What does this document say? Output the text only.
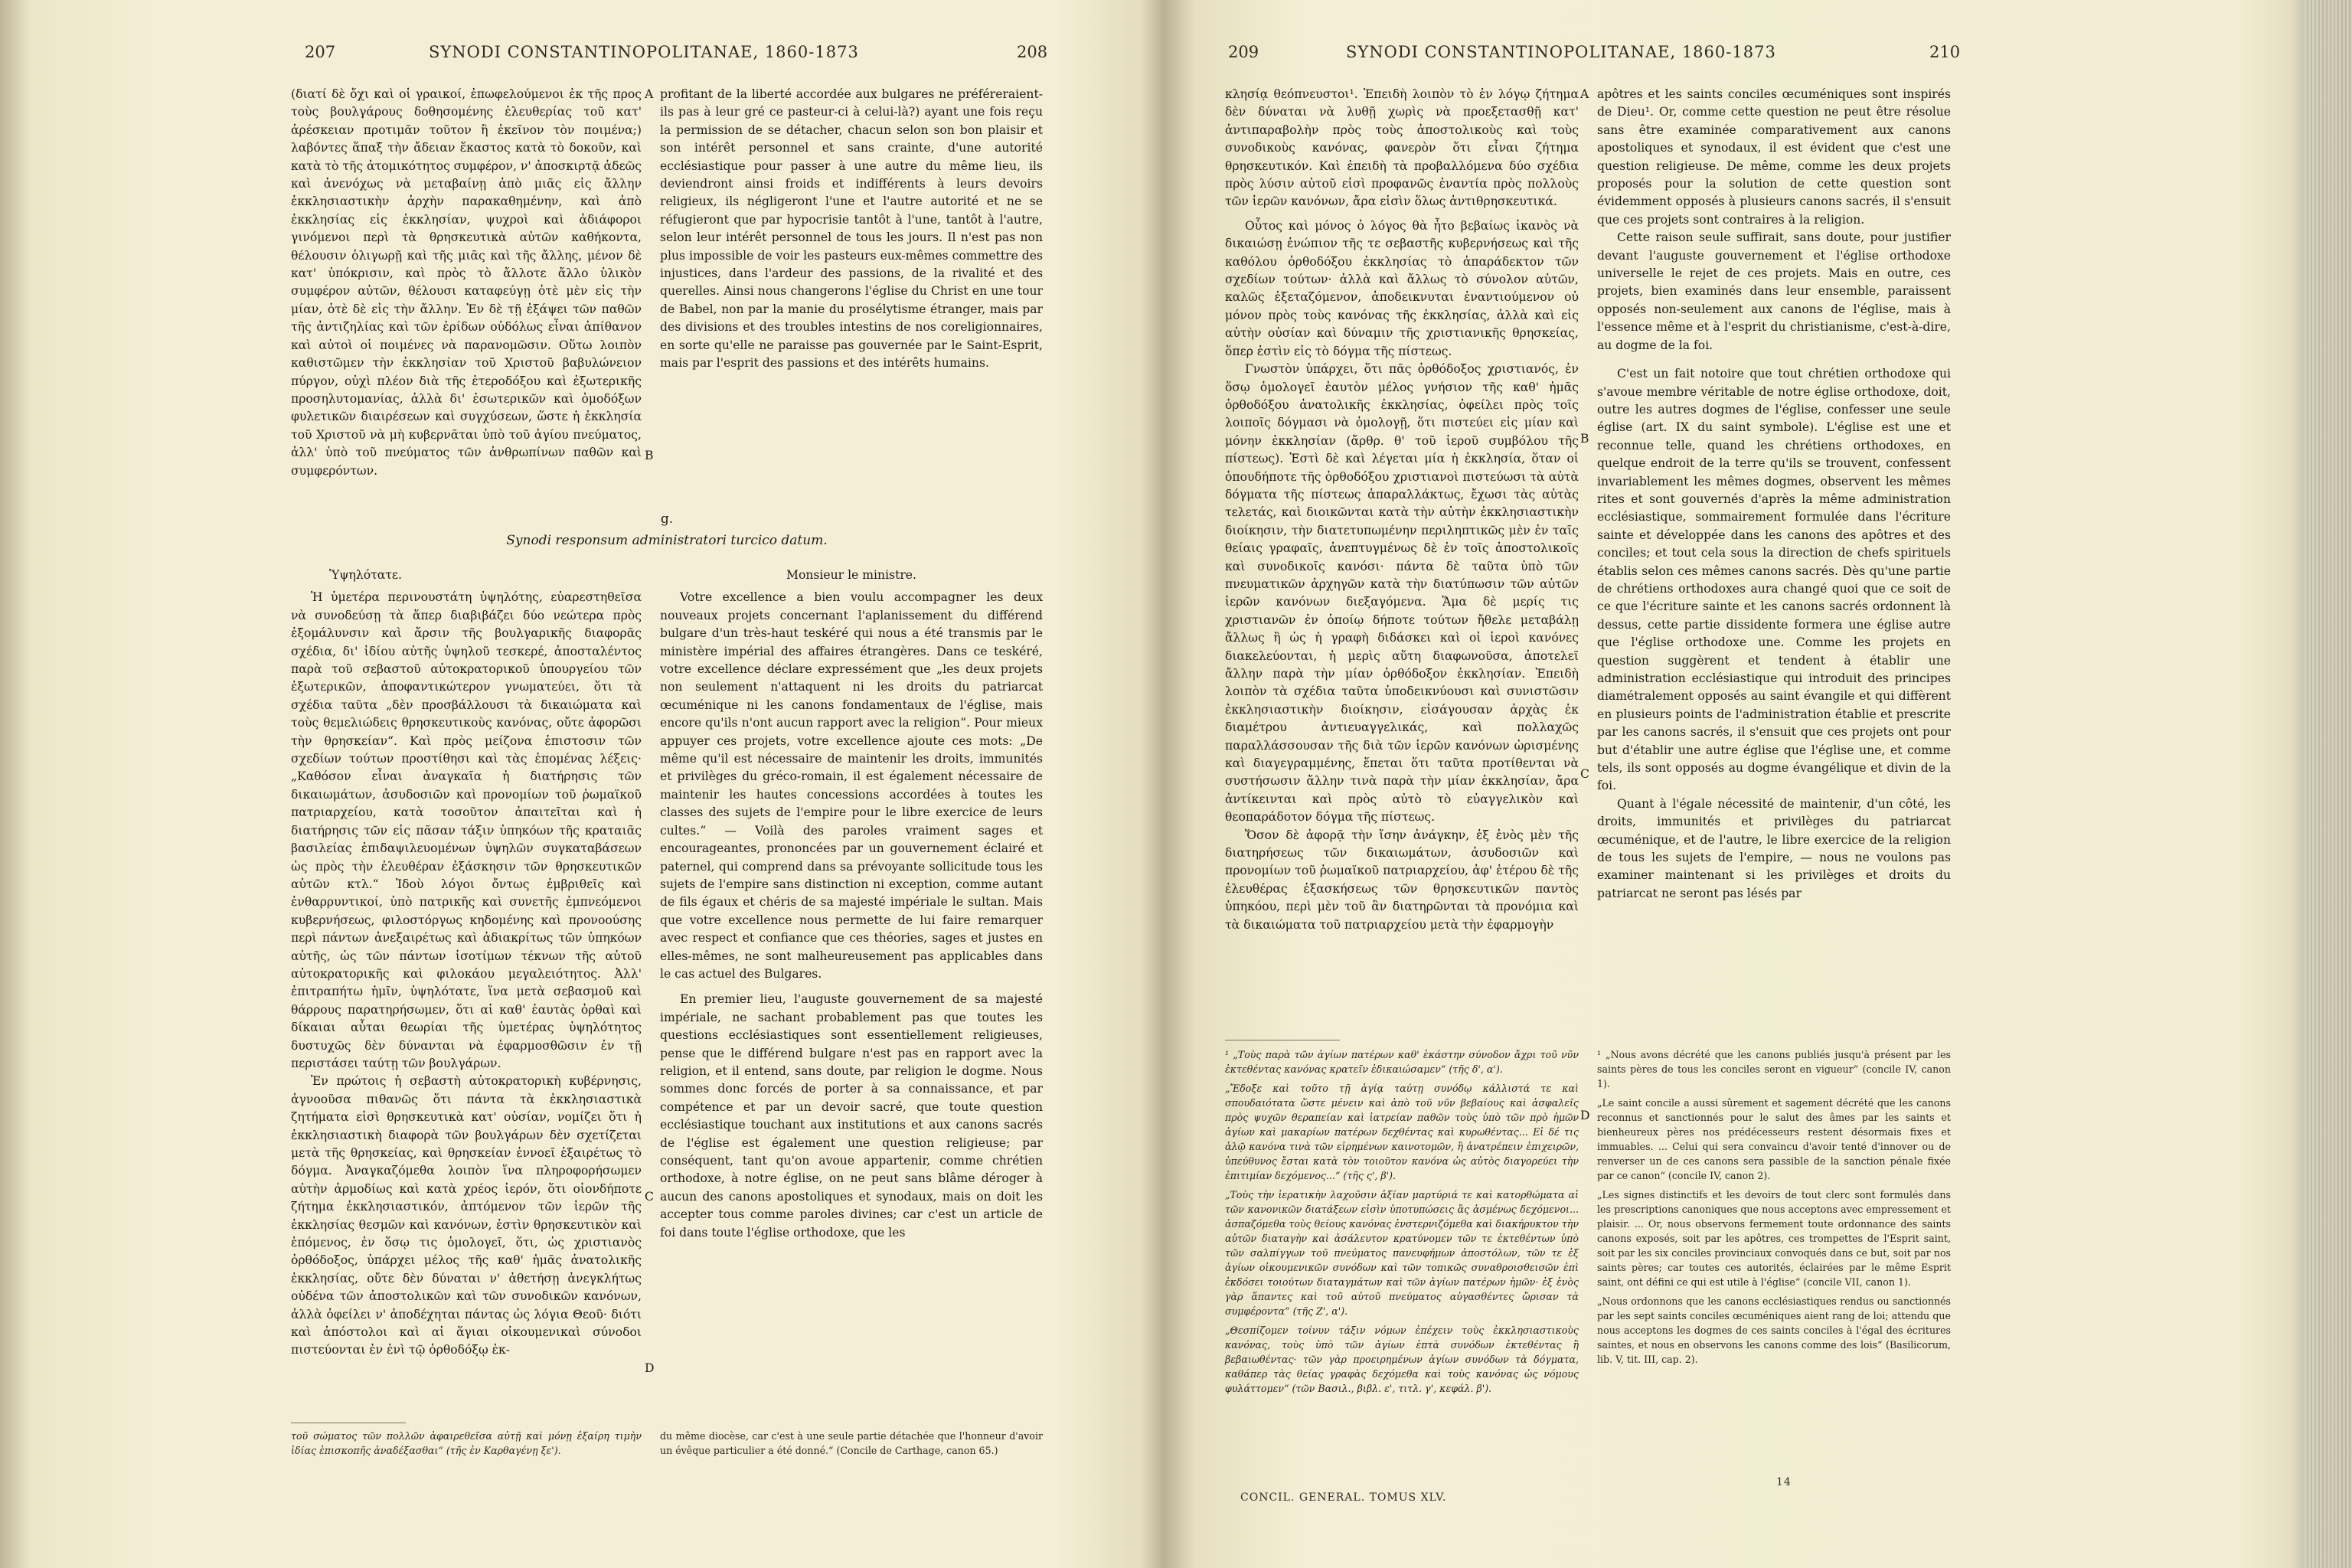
207	SYNODI CONSTANTINOPOLITANAE, 1860-1873	208

(διατί δὲ ὄχι καὶ οἱ γραικοί, ἐπωφελούμενοι ἐκ τῆς προς τοὺς βουλγάρους δοθησομένης ἐλευθερίας τοῦ κατ' ἀρέσκειαν προτιμᾶν τοῦτον ἢ ἐκεῖνον τὸν ποιμένα;) λαβόντες ἅπαξ τὴν ἄδειαν ἕκαστος κατὰ τὸ δοκοῦν, καὶ κατὰ τὸ τῆς ἀτομικότητος συμφέρον, ν' ἀποσκιρτᾷ ἀδεῶς καὶ ἀνενόχως νὰ μεταβαίνῃ ἀπὸ μιᾶς εἰς ἄλλην ἐκκλησιαστικὴν ἀρχὴν παρακαθημένην, καὶ ἀπὸ ἐκκλησίας εἰς ἐκκλησίαν, ψυχροὶ καὶ ἀδιάφοροι γινόμενοι περὶ τὰ θρησκευτικὰ αὐτῶν καθήκοντα, θέλουσιν ὁλιγωρῇ καὶ τῆς μιᾶς καὶ τῆς ἄλλης, μένον δὲ κατ' ὑπόκρισιν, καὶ πρὸς τὸ ἄλλοτε ἄλλο ὑλικὸν συμφέρον αὐτῶν, θέλουσι καταφεύγῃ ὁτὲ μὲν εἰς τὴν μίαν, ὁτὲ δὲ εἰς τὴν ἄλλην. Ἐν δὲ τῇ ἐξάψει τῶν παθῶν τῆς ἀντιζηλίας καὶ τῶν ἐρίδων οὐδόλως εἶναι ἀπίθανον καὶ αὐτοὶ οἱ ποιμένες νὰ παρανομῶσιν. Οὕτω λοιπὸν καθιστῶμεν τὴν ἐκκλησίαν τοῦ Χριστοῦ βαβυλώνειον πύργον, οὐχὶ πλέον διὰ τῆς ἑτεροδόξου καὶ ἐξωτερικῆς προσηλυτομανίας, ἀλλὰ δι' ἐσωτερικῶν καὶ ὁμοδόξων φυλετικῶν διαιρέσεων καὶ συγχύσεων, ὥστε ἡ ἐκκλησία τοῦ Χριστοῦ νὰ μὴ κυβερνᾶται ὑπὸ τοῦ ἁγίου πνεύματος, ἀλλ' ὑπὸ τοῦ πνεύματος τῶν ἀνθρωπίνων παθῶν καὶ συμφερόντων.

A
B

profitant de la liberté accordée aux bulgares ne préféreraient-ils pas à leur gré ce pasteur-ci à celui-là?) ayant une fois reçu la permission de se détacher, chacun selon son bon plaisir et son intérêt personnel et sans crainte, d'une autorité ecclésiastique pour passer à une autre du même lieu, ils deviendront ainsi froids et indifférents à leurs devoirs religieux, ils négligeront l'une et l'autre autorité et ne se réfugieront que par hypocrisie tantôt à l'une, tantôt à l'autre, selon leur intérêt personnel de tous les jours. Il n'est pas non plus impossible de voir les pasteurs eux-mêmes commettre des injustices, dans l'ardeur des passions, de la rivalité et des querelles. Ainsi nous changerons l'église du Christ en une tour de Babel, non par la manie du prosélytisme étranger, mais par des divisions et des troubles intestins de nos coreligionnaires, en sorte qu'elle ne paraisse pas gouvernée par le Saint-Esprit, mais par l'esprit des passions et des intérêts humains.

g.
Synodi responsum administratori turcico datum.

Ὑψηλότατε.

Ἡ ὑμετέρα περινουστάτη ὑψηλότης, εὐαρεστηθεῖσα νὰ συνοδεύσῃ τὰ ἅπερ διαβιβάζει δύο νεώτερα πρὸς ἐξομάλυνσιν καὶ ἄρσιν τῆς βουλγαρικῆς διαφορᾶς σχέδια, δι' ἰδίου αὐτῆς ὑψηλοῦ τεσκερέ, ἀποσταλέντος παρὰ τοῦ σεβαστοῦ αὐτοκρατορικοῦ ὑπουργείου τῶν ἐξωτερικῶν, ἀποφαντικώτερον γνωματεύει, ὅτι τὰ σχέδια ταῦτα „δὲν προσβάλλουσι τὰ δικαιώματα καὶ τοὺς θεμελιώδεις θρησκευτικοὺς κανόνας, οὔτε ἀφορῶσι τὴν θρησκείαν“. Καὶ πρὸς μείζονα ἐπιστοσιν τῶν σχεδίων τούτων προστίθησι καὶ τὰς ἑπομένας λέξεις· „Καθόσον εἶναι ἀναγκαῖα ἡ διατήρησις τῶν δικαιωμάτων, ἀσυδοσιῶν καὶ προνομίων τοῦ ῥωμαϊκοῦ πατριαρχείου, κατὰ τοσοῦτον ἀπαιτεῖται καὶ ἡ διατήρησις τῶν εἰς πᾶσαν τάξιν ὑπηκόων τῆς κραταιᾶς βασιλείας ἐπιδαψιλευομένων ὑψηλῶν συγκαταβάσεων ὡς πρὸς τὴν ἐλευθέραν ἐξάσκησιν τῶν θρησκευτικῶν αὐτῶν κτλ.“ Ἰδοὺ λόγοι ὄντως ἐμβριθεῖς καὶ ἐνθαρρυντικοί, ὑπὸ πατρικῆς καὶ συνετῆς ἐμπνεόμενοι κυβερνήσεως, φιλοστόργως κηδομένης καὶ προνοούσης περὶ πάντων ἀνεξαιρέτως καὶ ἀδιακρίτως τῶν ὑπηκόων αὐτῆς, ὡς τῶν πάντων ἰσοτίμων τέκνων τῆς αὐτοῦ αὐτοκρατορικῆς καὶ φιλοκάου μεγαλειότητος. Ἀλλ' ἐπιτραπήτω ἡμῖν, ὑψηλότατε, ἵνα μετὰ σεβασμοῦ καὶ θάρρους παρατηρήσωμεν, ὅτι αἱ καθ' ἑαυτὰς ὀρθαὶ καὶ δίκαιαι αὗται θεωρίαι τῆς ὑμετέρας ὑψηλότητος δυστυχῶς δὲν δύνανται νὰ ἐφαρμοσθῶσιν ἐν τῇ περιστάσει ταύτῃ τῶν βουλγάρων.

Ἐν πρώτοις ἡ σεβαστὴ αὐτοκρατορικὴ κυβέρνησις, ἀγνοοῦσα πιθανῶς ὅτι πάντα τὰ ἐκκλησιαστικὰ ζητήματα εἰσὶ θρησκευτικὰ κατ' οὐσίαν, νομίζει ὅτι ἡ ἐκκλησιαστικὴ διαφορὰ τῶν βουλγάρων δὲν σχετίζεται μετὰ τῆς θρησκείας, καὶ θρησκείαν ἐννοεῖ ἐξαιρέτως τὸ δόγμα. Ἀναγκαζόμεθα λοιπὸν ἵνα πληροφορήσωμεν αὐτὴν ἁρμοδίως καὶ κατὰ χρέος ἱερόν, ὅτι οἱονδήποτε ζήτημα ἐκκλησιαστικόν, ἀπτόμενον τῶν ἱερῶν τῆς ἐκκλησίας θεσμῶν καὶ κανόνων, ἐστὶν θρησκευτικὸν καὶ ἑπόμενος, ἐν ὅσῳ τις ὁμολογεῖ, ὅτι, ὡς χριστιανὸς ὀρθόδοξος, ὑπάρχει μέλος τῆς καθ' ἡμᾶς ἀνατολικῆς ἐκκλησίας, οὔτε δὲν δύναται ν' ἀθετήσῃ ἀνεγκλήτως οὐδένα τῶν ἀποστολικῶν καὶ τῶν συνοδικῶν κανόνων, ἀλλὰ ὀφείλει ν' ἀποδέχηται πάντας ὡς λόγια Θεοῦ· διότι καὶ ἀπόστολοι καὶ αἱ ἅγιαι οἰκουμενικαὶ σύνοδοι πιστεύονται ἐν ἑνὶ τῷ ὀρθοδόξῳ ἐκ-

C
D

Monsieur le ministre.

Votre excellence a bien voulu accompagner les deux nouveaux projets concernant l'aplanissement du différend bulgare d'un très-haut teskéré qui nous a été transmis par le ministère impérial des affaires étrangères. Dans ce teskéré, votre excellence déclare expressément que „les deux projets non seulement n'attaquent ni les droits du patriarcat œcuménique ni les canons fondamentaux de l'église, mais encore qu'ils n'ont aucun rapport avec la religion“. Pour mieux appuyer ces projets, votre excellence ajoute ces mots: „De même qu'il est nécessaire de maintenir les droits, immunités et privilèges du gréco-romain, il est également nécessaire de maintenir les hautes concessions accordées à toutes les classes des sujets de l'empire pour le libre exercice de leurs cultes.“ — Voilà des paroles vraiment sages et encourageantes, prononcées par un gouvernement éclairé et paternel, qui comprend dans sa prévoyante sollicitude tous les sujets de l'empire sans distinction ni exception, comme autant de fils égaux et chéris de sa majesté impériale le sultan. Mais que votre excellence nous permette de lui faire remarquer avec respect et confiance que ces théories, sages et justes en elles-mêmes, ne sont malheureusement pas applicables dans le cas actuel des Bulgares.

En premier lieu, l'auguste gouvernement de sa majesté impériale, ne sachant probablement pas que toutes les questions ecclésiastiques sont essentiellement religieuses, pense que le différend bulgare n'est pas en rapport avec la religion, et il entend, sans doute, par religion le dogme. Nous sommes donc forcés de porter à sa connaissance, et par compétence et par un devoir sacré, que toute question ecclésiastique touchant aux institutions et aux canons sacrés de l'église est également une question religieuse; par conséquent, tant qu'on avoue appartenir, comme chrétien orthodoxe, à notre église, on ne peut sans blâme déroger à aucun des canons apostoliques et synodaux, mais on doit les accepter tous comme paroles divines; car c'est un article de foi dans toute l'église orthodoxe, que les

τοῦ σώματος τῶν πολλῶν ἀφαιρεθεῖσα αὐτῇ καὶ μόνῃ ἐξαίρη τιμὴν ἰδίας ἐπισκοπῆς ἀναδέξασθαι“ (τῆς ἐν Καρθαγένῃ ξε').

du même diocèse, car c'est à une seule partie détachée que l'honneur d'avoir un évêque particulier a été donné.“ (Concile de Carthage, canon 65.)

209	SYNODI CONSTANTINOPOLITANAE, 1860-1873	210

κλησίᾳ θεόπνευστοι¹. Ἐπειδὴ λοιπὸν τὸ ἐν λόγῳ ζήτημα δὲν δύναται νὰ λυθῇ χωρὶς νὰ προεξετασθῇ κατ' ἀντιπαραβολὴν πρὸς τοὺς ἀποστολικοὺς καὶ τοὺς συνοδικοὺς κανόνας, φανερὸν ὅτι εἶναι ζήτημα θρησκευτικόν. Καὶ ἐπειδὴ τὰ προβαλλόμενα δύο σχέδια πρὸς λύσιν αὐτοῦ εἰσὶ προφανῶς ἐναντία πρὸς πολλοὺς τῶν ἱερῶν κανόνων, ἄρα εἰσὶν ὅλως ἀντιθρησκευτικά.

Οὗτος καὶ μόνος ὁ λόγος θὰ ἦτο βεβαίως ἱκανὸς νὰ δικαιώσῃ ἐνώπιον τῆς τε σεβαστῆς κυβερνήσεως καὶ τῆς καθόλου ὀρθοδόξου ἐκκλησίας τὸ ἀπαράδεκτον τῶν σχεδίων τούτων· ἀλλὰ καὶ ἄλλως τὸ σύνολον αὐτῶν, καλῶς ἐξεταζόμενον, ἀποδεικνυται ἐναντιούμενον οὐ μόνον πρὸς τοὺς κανόνας τῆς ἐκκλησίας, ἀλλὰ καὶ εἰς αὐτὴν οὐσίαν καὶ δύναμιν τῆς χριστιανικῆς θρησκείας, ὅπερ ἐστὶν εἰς τὸ δόγμα τῆς πίστεως.

Γνωστὸν ὑπάρχει, ὅτι πᾶς ὀρθόδοξος χριστιανός, ἐν ὅσῳ ὁμολογεῖ ἑαυτὸν μέλος γνήσιον τῆς καθ' ἡμᾶς ὀρθοδόξου ἀνατολικῆς ἐκκλησίας, ὀφείλει πρὸς τοῖς λοιποῖς δόγμασι νὰ ὁμολογῇ, ὅτι πιστεύει εἰς μίαν καὶ μόνην ἐκκλησίαν (ἄρθρ. θ' τοῦ ἱεροῦ συμβόλου τῆς πίστεως). Ἐστὶ δὲ καὶ λέγεται μία ἡ ἐκκλησία, ὅταν οἱ ὁπουδήποτε τῆς ὀρθοδόξου χριστιανοὶ πιστεύωσι τὰ αὐτὰ δόγματα τῆς πίστεως ἀπαραλλάκτως, ἔχωσι τὰς αὐτὰς τελετάς, καὶ διοικῶνται κατὰ τὴν αὐτὴν ἐκκλησιαστικὴν διοίκησιν, τὴν διατετυπωμένην περιληπτικῶς μὲν ἐν ταῖς θείαις γραφαῖς, ἀνεπτυγμένως δὲ ἐν τοῖς ἀποστολικοῖς καὶ συνοδικοῖς κανόσι· πάντα δὲ ταῦτα ὑπὸ τῶν πνευματικῶν ἀρχηγῶν κατὰ τὴν διατύπωσιν τῶν αὐτῶν ἱερῶν κανόνων διεξαγόμενα. Ἅμα δὲ μερίς τις χριστιανῶν ἐν ὁποίῳ δήποτε τούτων ἤθελε μεταβάλῃ ἄλλως ἢ ὡς ἡ γραφὴ διδάσκει καὶ οἱ ἱεροὶ κανόνες διακελεύονται, ἡ μερὶς αὕτη διαφωνοῦσα, ἀποτελεῖ ἄλλην παρὰ τὴν μίαν ὀρθόδοξον ἐκκλησίαν. Ἐπειδὴ λοιπὸν τὰ σχέδια ταῦτα ὑποδεικνύουσι καὶ συνιστῶσιν ἐκκλησιαστικὴν διοίκησιν, εἰσάγουσαν ἀρχὰς ἐκ διαμέτρου ἀντιευαγγελικάς, καὶ πολλαχῶς παραλλάσσουσαν τῆς διὰ τῶν ἱερῶν κανόνων ὡρισμένης καὶ διαγεγραμμένης, ἕπεται ὅτι ταῦτα προτίθενται νὰ συστήσωσιν ἄλλην τινὰ παρὰ τὴν μίαν ἐκκλησίαν, ἄρα ἀντίκεινται καὶ πρὸς αὐτὸ τὸ εὐαγγελικὸν καὶ θεοπαράδοτον δόγμα τῆς πίστεως.

Ὅσον δὲ ἀφορᾷ τὴν ἴσην ἀνάγκην, ἐξ ἑνὸς μὲν τῆς διατηρήσεως τῶν δικαιωμάτων, ἀσυδοσιῶν καὶ προνομίων τοῦ ῥωμαϊκοῦ πατριαρχείου, ἀφ' ἑτέρου δὲ τῆς ἐλευθέρας ἐξασκήσεως τῶν θρησκευτικῶν παντὸς ὑπηκόου, περὶ μὲν τοῦ ἂν διατηρῶνται τὰ προνόμια καὶ τὰ δικαιώματα τοῦ πατριαρχείου μετὰ τὴν ἐφαρμογὴν

A
B
C
D

apôtres et les saints conciles œcuméniques sont inspirés de Dieu¹. Or, comme cette question ne peut être résolue sans être examinée comparativement aux canons apostoliques et synodaux, il est évident que c'est une question religieuse. De même, comme les deux projets proposés pour la solution de cette question sont évidemment opposés à plusieurs canons sacrés, il s'ensuit que ces projets sont contraires à la religion.

Cette raison seule suffirait, sans doute, pour justifier devant l'auguste gouvernement et l'église orthodoxe universelle le rejet de ces projets. Mais en outre, ces projets, bien examinés dans leur ensemble, paraissent opposés non-seulement aux canons de l'église, mais à l'essence même et à l'esprit du christianisme, c'est-à-dire, au dogme de la foi.

C'est un fait notoire que tout chrétien orthodoxe qui s'avoue membre véritable de notre église orthodoxe, doit, outre les autres dogmes de l'église, confesser une seule église (art. IX du saint symbole). L'église est une et reconnue telle, quand les chrétiens orthodoxes, en quelque endroit de la terre qu'ils se trouvent, confessent invariablement les mêmes dogmes, observent les mêmes rites et sont gouvernés d'après la même administration ecclésiastique, sommairement formulée dans l'écriture sainte et développée dans les canons des apôtres et des conciles; et tout cela sous la direction de chefs spirituels établis selon ces mêmes canons sacrés. Dès qu'une partie de chrétiens orthodoxes aura changé quoi que ce soit de ce que l'écriture sainte et les canons sacrés ordonnent là dessus, cette partie dissidente formera une église autre que l'église orthodoxe une. Comme les projets en question suggèrent et tendent à établir une administration ecclésiastique qui introduit des principes diamétralement opposés au saint évangile et qui diffèrent en plusieurs points de l'administration établie et prescrite par les canons sacrés, il s'ensuit que ces projets ont pour but d'établir une autre église que l'église une, et comme tels, ils sont opposés au dogme évangélique et divin de la foi.

Quant à l'égale nécessité de maintenir, d'un côté, les droits, immunités et privilèges du patriarcat œcuménique, et de l'autre, le libre exercice de la religion de tous les sujets de l'empire, — nous ne voulons pas examiner maintenant si les privilèges et droits du patriarcat ne seront pas lésés par

¹ „Τοὺς παρὰ τῶν ἁγίων πατέρων καθ' ἑκάστην σύνοδον ἄχρι τοῦ νῦν ἐκτεθέντας κανόνας κρατεῖν ἐδικαιώσαμεν“ (τῆς δ', α').

„Ἔδοξε καὶ τοῦτο τῇ ἁγίᾳ ταύτῃ συνόδῳ κάλλιστά τε καὶ σπουδαιότατα ὥστε μένειν καὶ ἀπὸ τοῦ νῦν βεβαίους καὶ ἀσφαλεῖς πρὸς ψυχῶν θεραπείαν καὶ ἰατρείαν παθῶν τοὺς ὑπὸ τῶν πρὸ ἡμῶν ἁγίων καὶ μακαρίων πατέρων δεχθέντας καὶ κυρωθέντας... Εἰ δέ τις ἁλῷ κανόνα τινὰ τῶν εἰρημένων καινοτομῶν, ἢ ἀνατρέπειν ἐπιχειρῶν, ὑπεύθυνος ἔσται κατὰ τὸν τοιοῦτον κανόνα ὡς αὐτὸς διαγορεύει τὴν ἐπιτιμίαν δεχόμενος...“ (τῆς ς', β').

„Τοὺς τὴν ἱερατικὴν λαχοῦσιν ἀξίαν μαρτύριά τε καὶ κατορθώματα αἱ τῶν κανονικῶν διατάξεων εἰσὶν ὑποτυπώσεις ἃς ἀσμένως δεχόμενοι... ἀσπαζόμεθα τοὺς θείους κανόνας ἐνστερνιζόμεθα καὶ διακήρυκτον τὴν αὐτῶν διαταγὴν καὶ ἀσάλευτον κρατύνομεν τῶν τε ἐκτεθέντων ὑπὸ τῶν σαλπίγγων τοῦ πνεύματος πανευφήμων ἀποστόλων, τῶν τε ἐξ ἁγίων οἰκουμενικῶν συνόδων καὶ τῶν τοπικῶς συναθροισθεισῶν ἐπὶ ἐκδόσει τοιούτων διαταγμάτων καὶ τῶν ἁγίων πατέρων ἡμῶν· ἐξ ἑνὸς γὰρ ἅπαντες καὶ τοῦ αὐτοῦ πνεύματος αὐγασθέντες ὥρισαν τὰ συμφέροντα“ (τῆς Ζ', α').

„Θεσπίζομεν τοίνυν τάξιν νόμων ἐπέχειν τοὺς ἐκκλησιαστικοὺς κανόνας, τοὺς ὑπὸ τῶν ἁγίων ἑπτὰ συνόδων ἐκτεθέντας ἢ βεβαιωθέντας· τῶν γὰρ προειρημένων ἁγίων συνόδων τὰ δόγματα, καθάπερ τὰς θείας γραφὰς δεχόμεθα καὶ τοὺς κανόνας ὡς νόμους φυλάττομεν“ (τῶν Βασιλ., βιβλ. ε', τιτλ. γ', κεφάλ. β').

¹ „Nous avons décrété que les canons publiés jusqu'à présent par les saints pères de tous les conciles seront en vigueur“ (concile IV, canon 1).

„Le saint concile a aussi sûrement et sagement décrété que les canons reconnus et sanctionnés pour le salut des âmes par les saints et bienheureux pères nos prédécesseurs restent désormais fixes et immuables. ... Celui qui sera convaincu d'avoir tenté d'innover ou de renverser un de ces canons sera passible de la sanction pénale fixée par ce canon“ (concile IV, canon 2).

„Les signes distinctifs et les devoirs de tout clerc sont formulés dans les prescriptions canoniques que nous acceptons avec empressement et plaisir. ... Or, nous observons fermement toute ordonnance des saints canons exposés, soit par les apôtres, ces trompettes de l'Esprit saint, soit par les six conciles provinciaux convoqués dans ce but, soit par nos saints pères; car toutes ces autorités, éclairées par le même Esprit saint, ont défini ce qui est utile à l'église“ (concile VII, canon 1).

„Nous ordonnons que les canons ecclésiastiques rendus ou sanctionnés par les sept saints conciles œcuméniques aient rang de loi; attendu que nous acceptons les dogmes de ces saints conciles à l'égal des écritures saintes, et nous en observons les canons comme des lois“ (Basilicorum, lib. V, tit. III, cap. 2).

CONCIL. GENERAL. TOMUS XLV.
14
